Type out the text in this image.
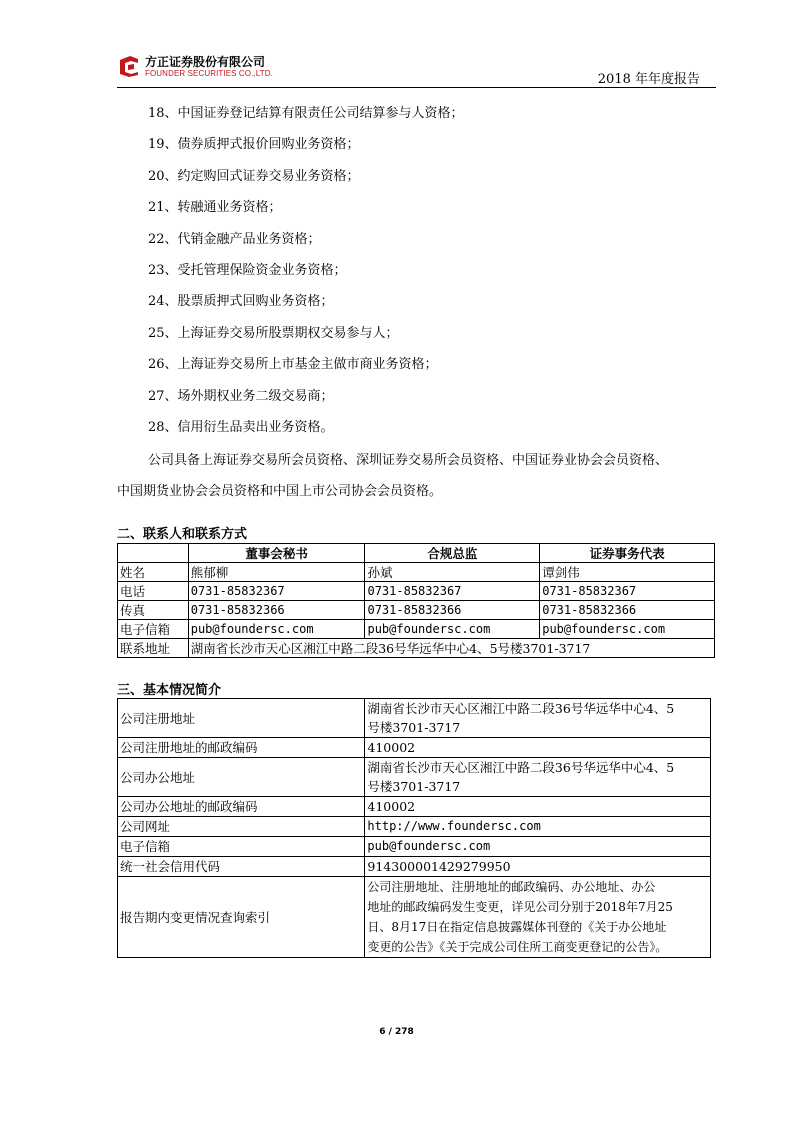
方正证券股份有限公司
FOUNDER SECURITIES CO.,LTD.	2018 年年度报告
18、中国证券登记结算有限责任公司结算参与人资格；
19、债券质押式报价回购业务资格；
20、约定购回式证券交易业务资格；
21、转融通业务资格；
22、代销金融产品业务资格；
23、受托管理保险资金业务资格；
24、股票质押式回购业务资格；
25、上海证券交易所股票期权交易参与人；
26、上海证券交易所上市基金主做市商业务资格；
27、场外期权业务二级交易商；
28、信用衍生品卖出业务资格。
公司具备上海证券交易所会员资格、深圳证券交易所会员资格、中国证券业协会会员资格、
中国期货业协会会员资格和中国上市公司协会会员资格。
二、联系人和联系方式
	董事会秘书	合规总监	证券事务代表
姓名	熊郁柳	孙斌	谭剑伟
电话	0731-85832367	0731-85832367	0731-85832367
传真	0731-85832366	0731-85832366	0731-85832366
电子信箱	pub@foundersc.com	pub@foundersc.com	pub@foundersc.com
联系地址	湖南省长沙市天心区湘江中路二段36号华远华中心4、5号楼3701-3717		
三、基本情况简介
公司注册地址	湖南省长沙市天心区湘江中路二段36号华远华中心4、5
号楼3701-3717

公司注册地址的邮政编码	410002

公司办公地址	湖南省长沙市天心区湘江中路二段36号华远华中心4、5
号楼3701-3717

公司办公地址的邮政编码	410002

公司网址	http://www.foundersc.com

电子信箱	pub@foundersc.com

统一社会信用代码	914300001429279950

报告期内变更情况查询索引	公司注册地址、注册地址的邮政编码、办公地址、办公
地址的邮政编码发生变更，详见公司分别于2018年7月25
日、8月17日在指定信息披露媒体刊登的《关于办公地址
变更的公告》《关于完成公司住所工商变更登记的公告》。
6 / 278
